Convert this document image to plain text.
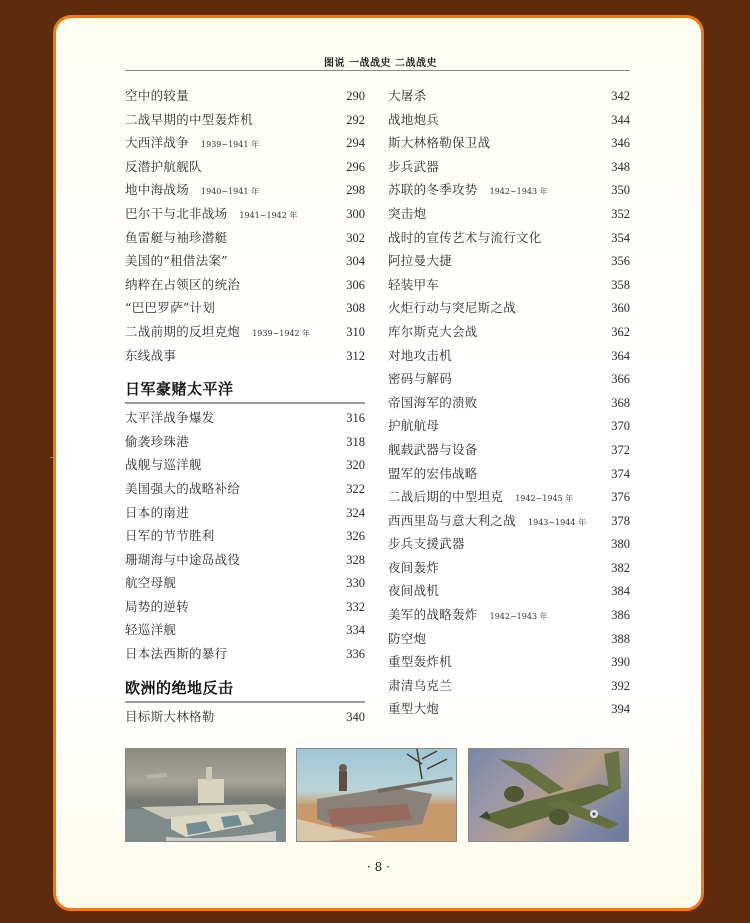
图说 一战战史 二战战史
空中的较量	290
二战早期的中型轰炸机	292
大西洋战争 1939~1941 年	294
反潜护航舰队	296
地中海战场 1940~1941 年	298
巴尔干与北非战场 1941~1942 年	300
鱼雷艇与袖珍潜艇	302
美国的“租借法案”	304
纳粹在占领区的统治	306
“巴巴罗萨”计划	308
二战前期的反坦克炮 1939~1942 年	310
东线战事	312
日军豪赌太平洋
太平洋战争爆发	316
偷袭珍珠港	318
战舰与巡洋舰	320
美国强大的战略补给	322
日本的南进	324
日军的节节胜利	326
珊瑚海与中途岛战役	328
航空母舰	330
局势的逆转	332
轻巡洋舰	334
日本法西斯的暴行	336
欧洲的绝地反击
目标斯大林格勒	340
大屠杀	342
战地炮兵	344
斯大林格勒保卫战	346
步兵武器	348
苏联的冬季攻势 1942~1943 年	350
突击炮	352
战时的宣传艺术与流行文化	354
阿拉曼大捷	356
轻装甲车	358
火炬行动与突尼斯之战	360
库尔斯克大会战	362
对地攻击机	364
密码与解码	366
帝国海军的溃败	368
护航航母	370
舰载武器与设备	372
盟军的宏伟战略	374
二战后期的中型坦克 1942~1945 年	376
西西里岛与意大利之战 1943~1944 年 378
步兵支援武器	380
夜间轰炸	382
夜间战机	384
美军的战略轰炸 1942~1943 年	386
防空炮	388
重型轰炸机	390
肃清乌克兰	392
重型大炮	394
· 8 ·
